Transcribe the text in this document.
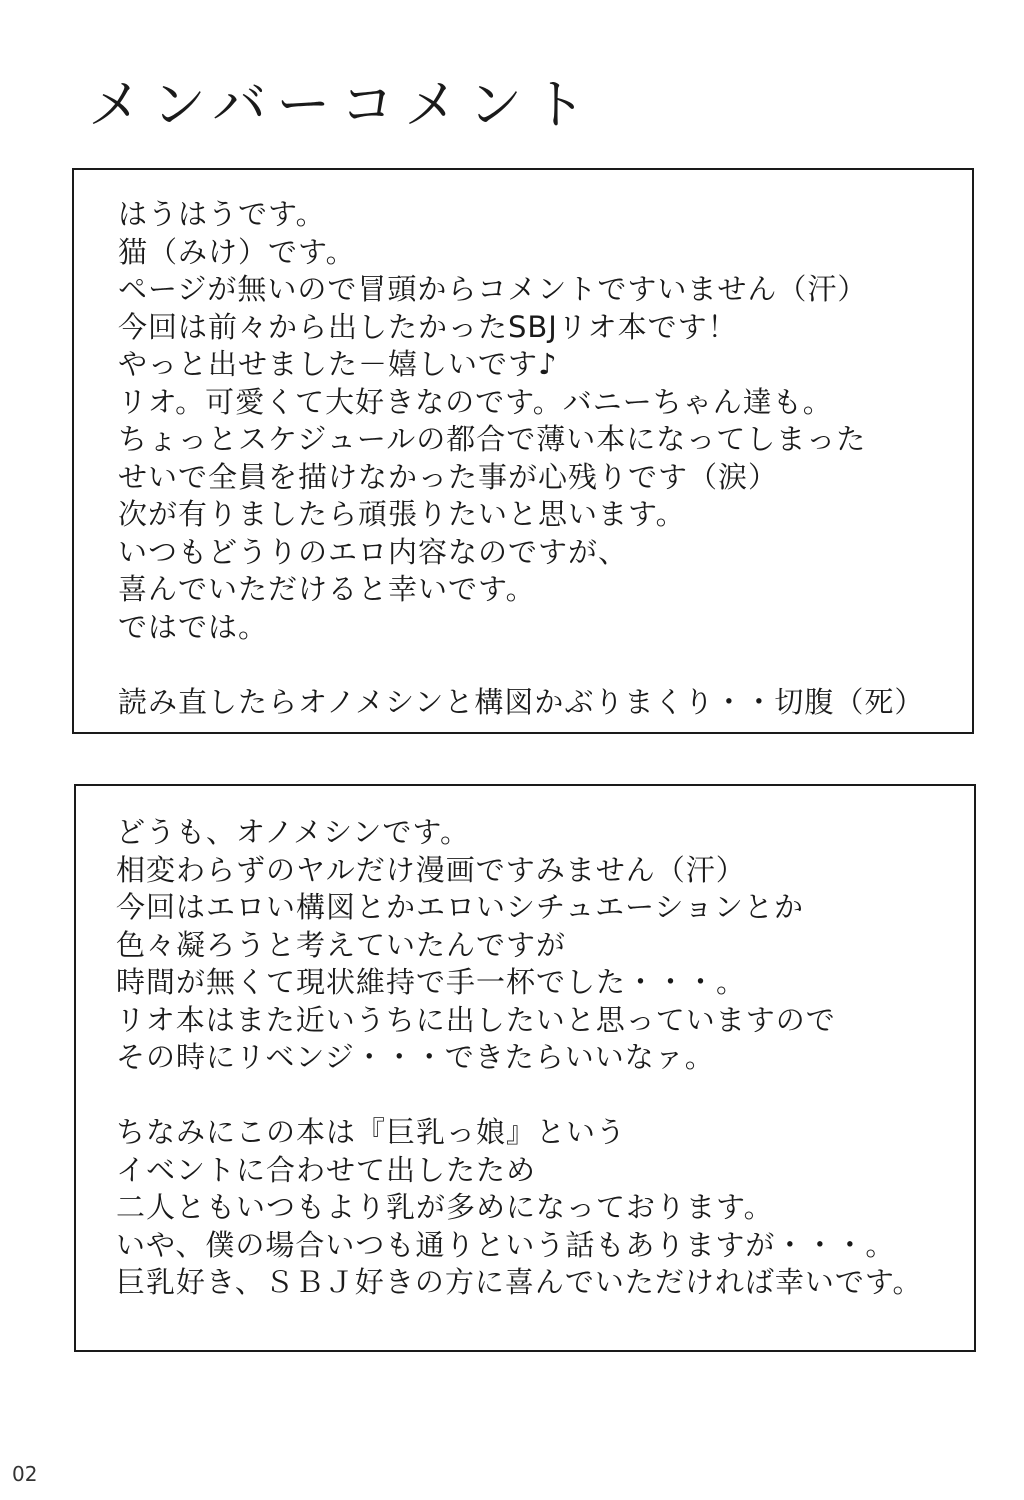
メンバーコメント
はうはうです。
猫（みけ）です。
ページが無いので冒頭からコメントですいません（汗）
今回は前々から出したかったSBJリオ本です！
やっと出せました－嬉しいです♪
リオ。可愛くて大好きなのです。バニーちゃん達も。
ちょっとスケジュールの都合で薄い本になってしまった
せいで全員を描けなかった事が心残りです（涙）
次が有りましたら頑張りたいと思います。
いつもどうりのエロ内容なのですが、
喜んでいただけると幸いです。
ではでは。
読み直したらオノメシンと構図かぶりまくり・・切腹（死）
どうも、オノメシンです。
相変わらずのヤルだけ漫画ですみません（汗）
今回はエロい構図とかエロいシチュエーションとか
色々凝ろうと考えていたんですが
時間が無くて現状維持で手一杯でした・・・。
リオ本はまた近いうちに出したいと思っていますので
その時にリベンジ・・・できたらいいなァ。
ちなみにこの本は『巨乳っ娘』という
イベントに合わせて出したため
二人ともいつもより乳が多めになっております。
いや、僕の場合いつも通りという話もありますが・・・。
巨乳好き、ＳＢＪ好きの方に喜んでいただければ幸いです。
02
